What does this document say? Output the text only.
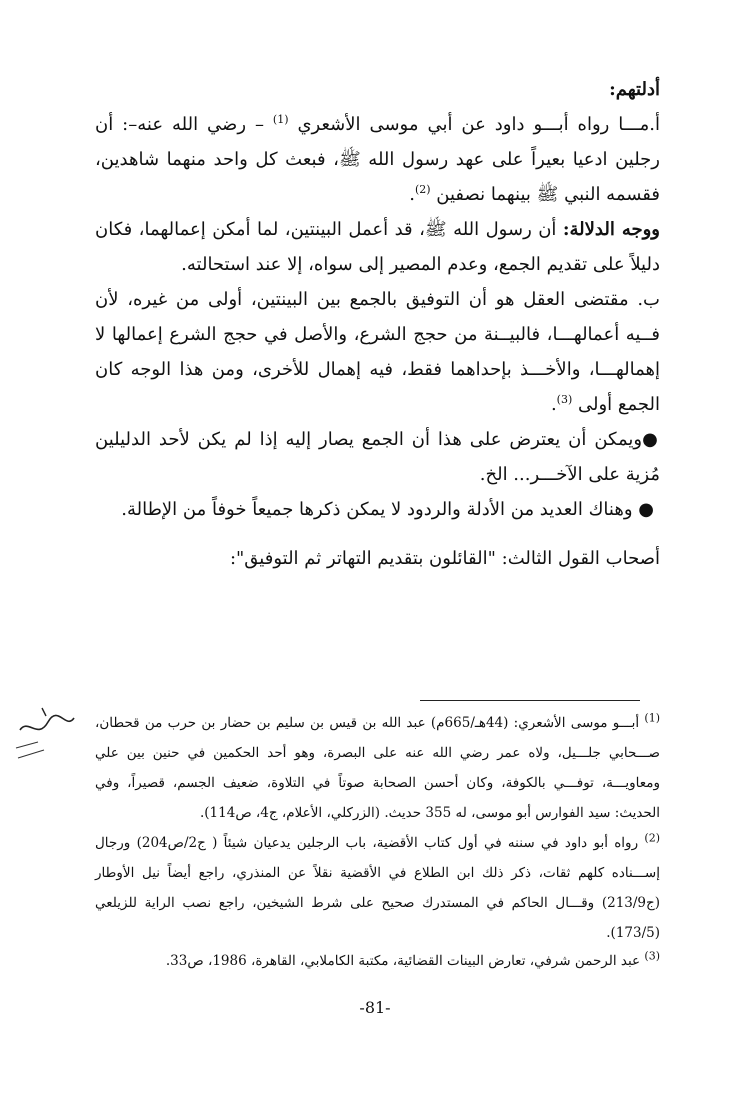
أدلتهم:

أ.مـــا رواه أبـــو داود عن أبي موسى الأشعري $^{(1)}$ – رضي الله عنه–: أن رجلين ادعيا بعيراً على عهد رسول الله ﷺ، فبعث كل واحد منهما شاهدين، فقسمه النبي ﷺ بينهما نصفين $^{(2)}$.

ووجه الدلالة: أن رسول الله ﷺ، قد أعمل البينتين، لما أمكن إعمالهما، فكان دليلاً على تقديم الجمع، وعدم المصير إلى سواه، إلا عند استحالته.

ب. مقتضى العقل هو أن التوفيق بالجمع بين البينتين، أولى من غيره، لأن فــيه أعمالهـــا، فالبيــنة من حجج الشرع، والأصل في حجج الشرع إعمالها لا إهمالهـــا، والأخـــذ بإحداهما فقط، فيه إهمال للأخرى، ومن هذا الوجه كان الجمع أولى $^{(3)}$.

●ويمكن أن يعترض على هذا أن الجمع يصار إليه إذا لم يكن لأحد الدليلين مُزية على الآخـــر... الخ.
● وهناك العديد من الأدلة والردود لا يمكن ذكرها جميعاً خوفاً من الإطالة.

أصحاب القول الثالث: "القائلون بتقديم التهاتر ثم التوفيق":

$^{(1)}$ أبـــو موسى الأشعري: (44هـ/665م) عبد الله بن قيس بن سليم بن حضار بن حرب من قحطان، صـــحابي جلـــيل، ولاه عمر رضي الله عنه على البصرة، وهو أحد الحكمين في حنين بين علي ومعاويـــة، توفـــي بالكوفة، وكان أحسن الصحابة صوتاً في التلاوة، ضعيف الجسم، قصيراً، وفي الحديث: سيد الفوارس أبو موسى، له 355 حديث. (الزركلي، الأعلام، ج4، ص114).
$^{(2)}$ رواه أبو داود في سننه في أول كتاب الأقضية، باب الرجلين يدعيان شيئاً ( ج2/ص204) ورجال إســـناده كلهم ثقات، ذكر ذلك ابن الطلاع في الأقضية نقلاً عن المنذري، راجع أيضاً نيل الأوطار (ج213/9) وقـــال الحاكم في المستدرك صحيح على شرط الشيخين، راجع نصب الراية للزيلعي (173/5).
$^{(3)}$ عبد الرحمن شرفي، تعارض البينات القضائية، مكتبة الكاملابي، القاهرة، 1986، ص33.
-81-
